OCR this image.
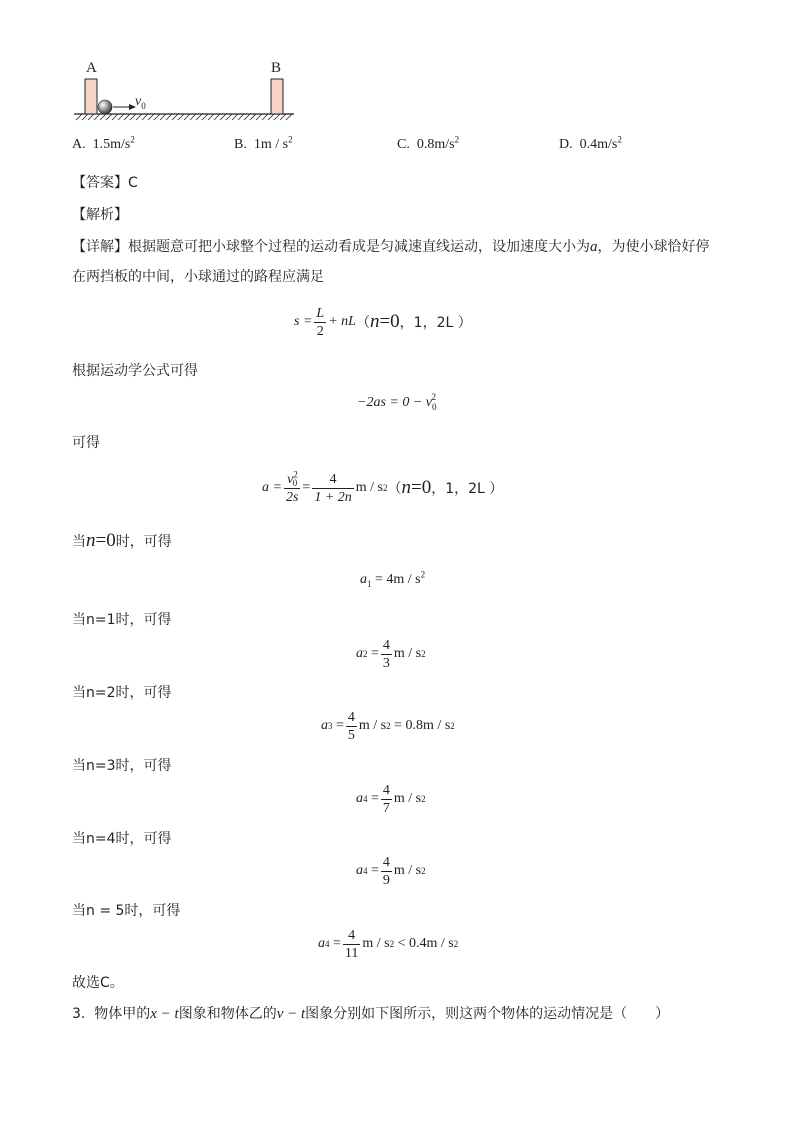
A	B
$v_0$
A. $1.5m/s^2$	B. $1m / s^2$	C. $0.8m/s^2$	D. $0.4m/s^2$
【答案】C
【解析】
【详解】根据题意可把小球整个过程的运动看成是匀减速直线运动，设加速度大小为a，为使小球恰好停
在两挡板的中间，小球通过的路程应满足
$s = \frac{L}{2}$ + nL （ n =0 ，1，2L ）
根据运动学公式可得
$-2as = 0 - v_0^2$
可得
$a = \frac{v^2_0}{2s} = \frac{4}{1 + 2n}$ m / s 2 （ n =0 ，1，2L ）
当n=0时，可得
$a_1 = 4m / s^2$
当n=1时，可得
a 2
= $\frac{4}{3}$ m / s 2
当n=2时，可得
a 3
= $\frac{4}{5}$ m / s 2
= 0.8m / s 2
当n=3时，可得
a 4
= $\frac{4}{7}$ m / s 2
当n=4时，可得
a 4
= $\frac{4}{9}$ m / s 2
当n = 5时，可得
a 4
= $\frac{4}{11}$ m / s 2
< 0.4m / s 2
故选C。
3. 物体甲的x − t图象和物体乙的v − t图象分别如下图所示，则这两个物体的运动情况是（　　）
